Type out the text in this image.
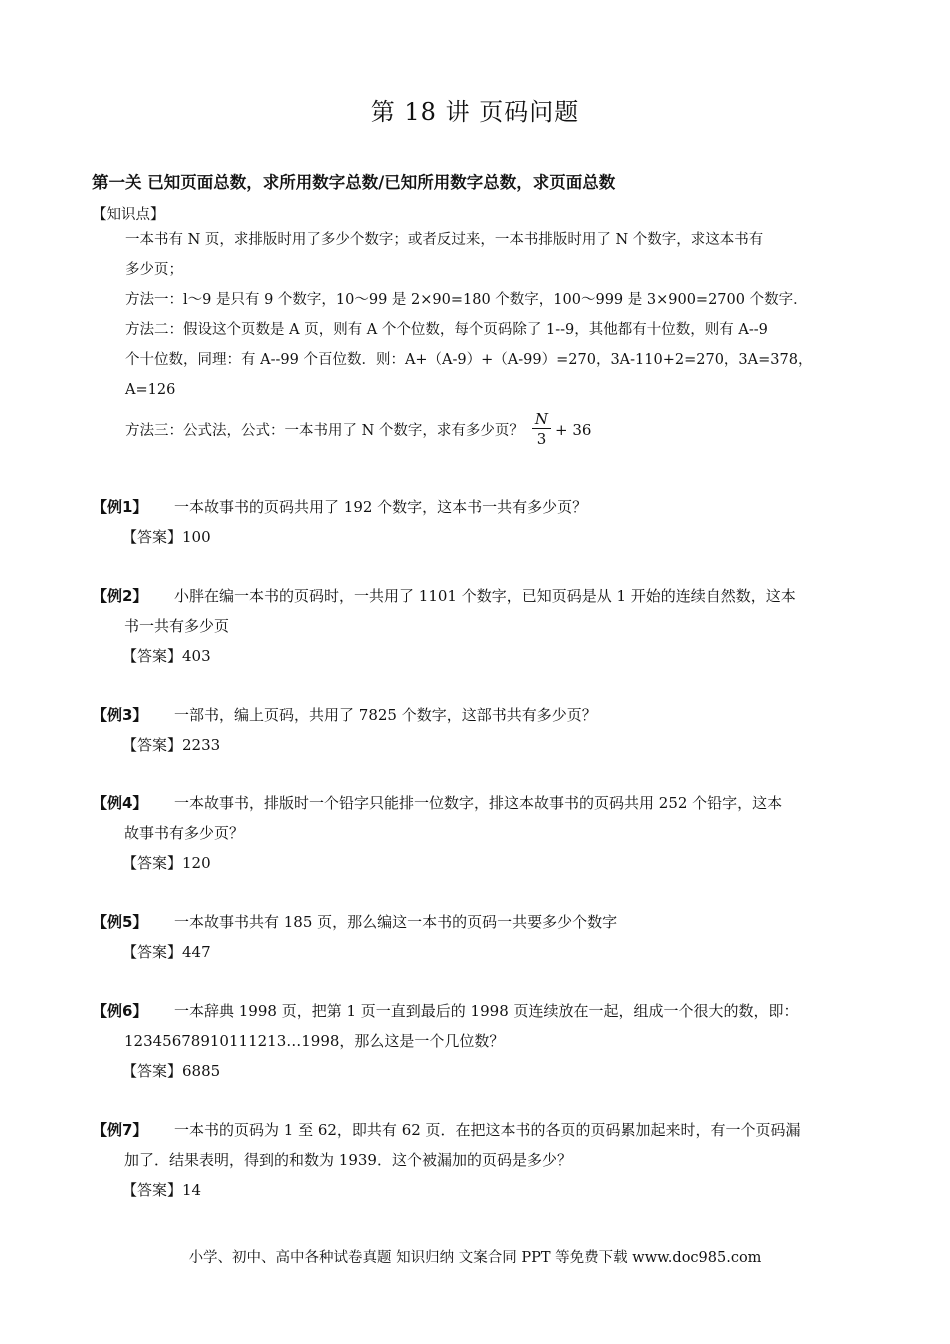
第 18 讲 页码问题
第一关 已知页面总数，求所用数字总数/已知所用数字总数，求页面总数
【知识点】
一本书有 N 页，求排版时用了多少个数字；或者反过来，一本书排版时用了 N 个数字，求这本书有
多少页；
方法一：l～9 是只有 9 个数字，10～99 是 2×90=180 个数字，100～999 是 3×900=2700 个数字．
方法二：假设这个页数是 A 页，则有 A 个个位数，每个页码除了 1--9，其他都有十位数，则有 A--9
个十位数，同理：有 A--99 个百位数．则：A+（A-9）+（A-99）=270，3A-110+2=270，3A=378，
A=126
方法三：公式法，公式：一本书用了 N 个数字，求有多少页？ $\frac{N}{3} + 36$
【例1】	一本故事书的页码共用了 192 个数字，这本书一共有多少页？
【答案】100
【例2】	小胖在编一本书的页码时，一共用了 1101 个数字，已知页码是从 1 开始的连续自然数，这本
书一共有多少页
【答案】403
【例3】	一部书，编上页码，共用了 7825 个数字，这部书共有多少页？
【答案】2233
【例4】	一本故事书，排版时一个铅字只能排一位数字，排这本故事书的页码共用 252 个铅字，这本
故事书有多少页？
【答案】120
【例5】	一本故事书共有 185 页，那么编这一本书的页码一共要多少个数字
【答案】447
【例6】	一本辞典 1998 页，把第 1 页一直到最后的 1998 页连续放在一起，组成一个很大的数，即：
12345678910111213…1998，那么这是一个几位数？
【答案】6885
【例7】	一本书的页码为 1 至 62，即共有 62 页．在把这本书的各页的页码累加起来时，有一个页码漏
加了．结果表明，得到的和数为 1939．这个被漏加的页码是多少？
【答案】14
小学、初中、高中各种试卷真题 知识归纳 文案合同 PPT 等免费下载 www.doc985.com
